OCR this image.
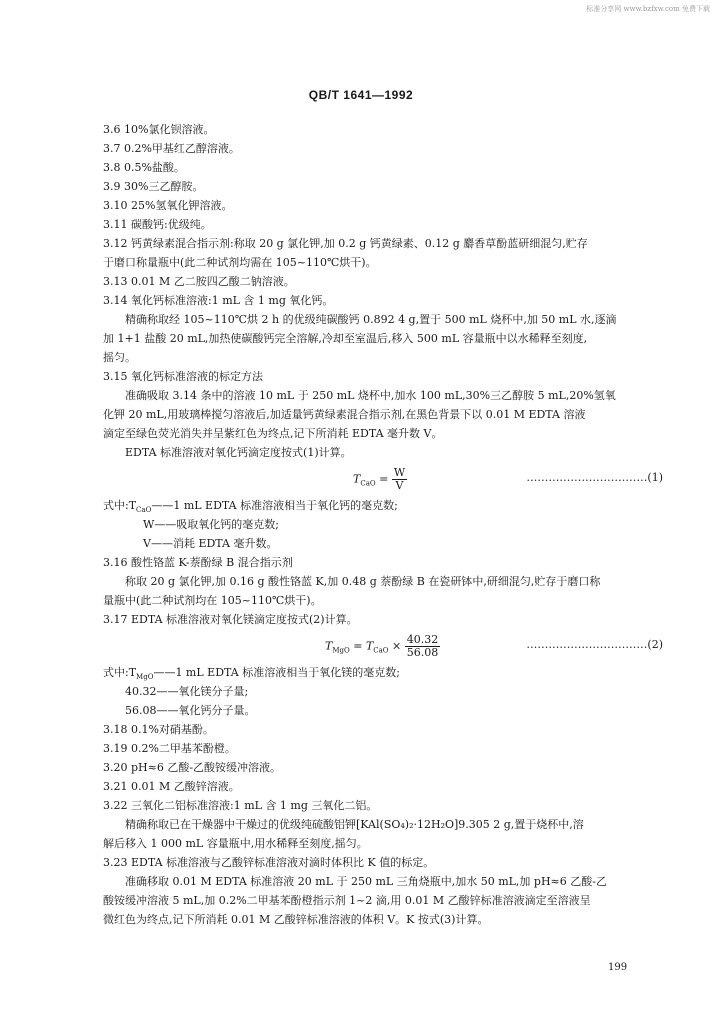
标准分享网 www.bzfxw.com 免费下载
QB/T 1641—1992
3.6 10%氯化钡溶液。
3.7 0.2%甲基红乙醇溶液。
3.8 0.5%盐酸。
3.9 30%三乙醇胺。
3.10 25%氢氧化钾溶液。
3.11 碳酸钙:优级纯。
3.12 钙黄绿素混合指示剂:称取 20 g 氯化钾,加 0.2 g 钙黄绿素、0.12 g 麝香草酚蓝研细混匀,贮存
于磨口称量瓶中(此二种试剂均需在 105~110℃烘干)。
3.13 0.01 M 乙二胺四乙酸二钠溶液。
3.14 氧化钙标准溶液:1 mL 含 1 mg 氧化钙。
精确称取经 105~110℃烘 2 h 的优级纯碳酸钙 0.892 4 g,置于 500 mL 烧杯中,加 50 mL 水,逐滴
加 1+1 盐酸 20 mL,加热使碳酸钙完全溶解,冷却至室温后,移入 500 mL 容量瓶中以水稀释至刻度,
摇匀。
3.15 氧化钙标准溶液的标定方法
准确吸取 3.14 条中的溶液 10 mL 于 250 mL 烧杯中,加水 100 mL,30%三乙醇胺 5 mL,20%氢氧
化钾 20 mL,用玻璃棒搅匀溶液后,加适量钙黄绿素混合指示剂,在黑色背景下以 0.01 M EDTA 溶液
滴定至绿色荧光消失并呈紫红色为终点,记下所消耗 EDTA 毫升数 V。
EDTA 标准溶液对氧化钙滴定度按式(1)计算。
$T_{CaO} = \frac{W}{V}$	……………………………(1)
式中$:T_{CaO}——1$ mL EDTA 标准溶液相当于氧化钙的毫克数;
W——吸取氧化钙的毫克数;
V——消耗 EDTA 毫升数。
3.16 酸性铬蓝 K-萘酚绿 B 混合指示剂
称取 20 g 氯化钾,加 0.16 g 酸性铬蓝 K,加 0.48 g 萘酚绿 B 在瓷研钵中,研细混匀,贮存于磨口称
量瓶中(此二种试剂均在 105~110℃烘干)。
3.17 EDTA 标准溶液对氧化镁滴定度按式(2)计算。
$T_{MgO} = T_{CaO} \times \frac{40.32}{56.08}$	……………………………(2)
式中$:T_{MgO}——1$ mL EDTA 标准溶液相当于氧化镁的毫克数;
40.32——氧化镁分子量;
56.08——氧化钙分子量。
3.18 0.1%对硝基酚。
3.19 0.2%二甲基苯酚橙。
3.20 pH≈6 乙酸-乙酸铵缓冲溶液。
3.21 0.01 M 乙酸锌溶液。
3.22 三氧化二铝标准溶液:1 mL 含 1 mg 三氧化二铝。
精确称取已在干燥器中干燥过的优级纯硫酸铝钾[KAl(SO₄)₂·12H₂O]9.305 2 g,置于烧杯中,溶
解后移入 1 000 mL 容量瓶中,用水稀释至刻度,摇匀。
3.23 EDTA 标准溶液与乙酸锌标准溶液对滴时体积比 K 值的标定。
准确移取 0.01 M EDTA 标准溶液 20 mL 于 250 mL 三角烧瓶中,加水 50 mL,加 pH≈6 乙酸-乙
酸铵缓冲溶液 5 mL,加 0.2%二甲基苯酚橙指示剂 1~2 滴,用 0.01 M 乙酸锌标准溶液滴定至溶液呈
微红色为终点,记下所消耗 0.01 M 乙酸锌标准溶液的体积 V。K 按式(3)计算。
199
